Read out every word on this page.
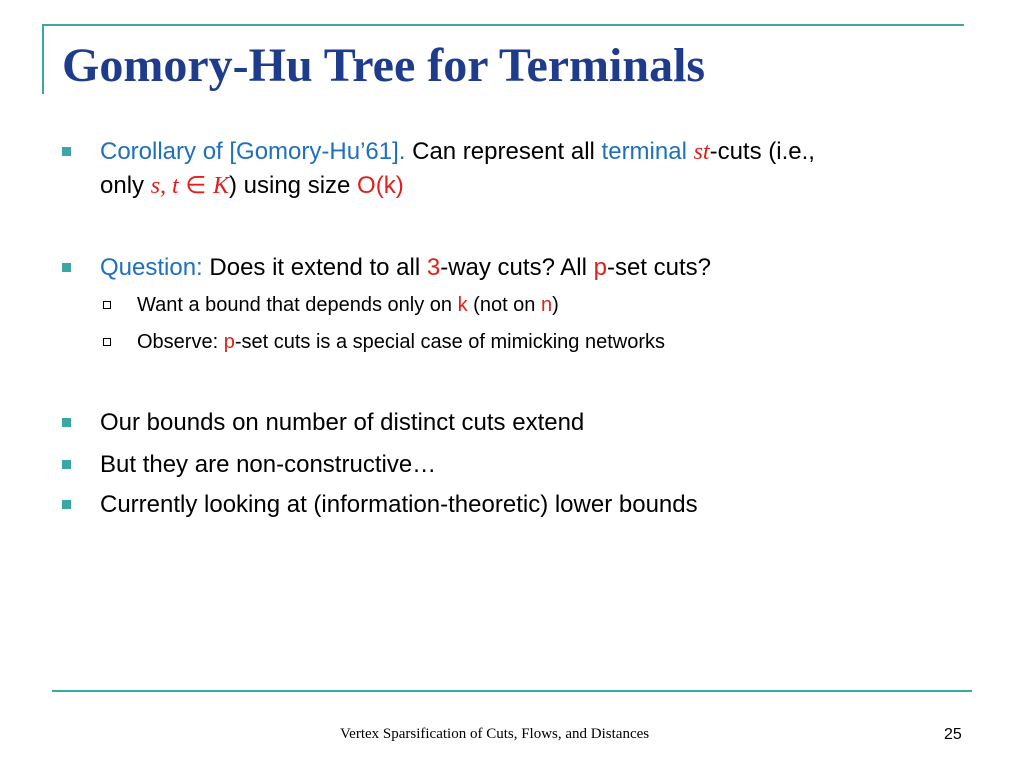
Gomory-Hu Tree for Terminals
Corollary of [Gomory-Hu’61]. Can represent all terminal st-cuts (i.e.,
only s, t ∈ K) using size O(k)
Question: Does it extend to all 3-way cuts? All p-set cuts?
Want a bound that depends only on k (not on n)
Observe: p-set cuts is a special case of mimicking networks
Our bounds on number of distinct cuts extend
But they are non-constructive…
Currently looking at (information-theoretic) lower bounds
Vertex Sparsification of Cuts, Flows, and Distances	25
